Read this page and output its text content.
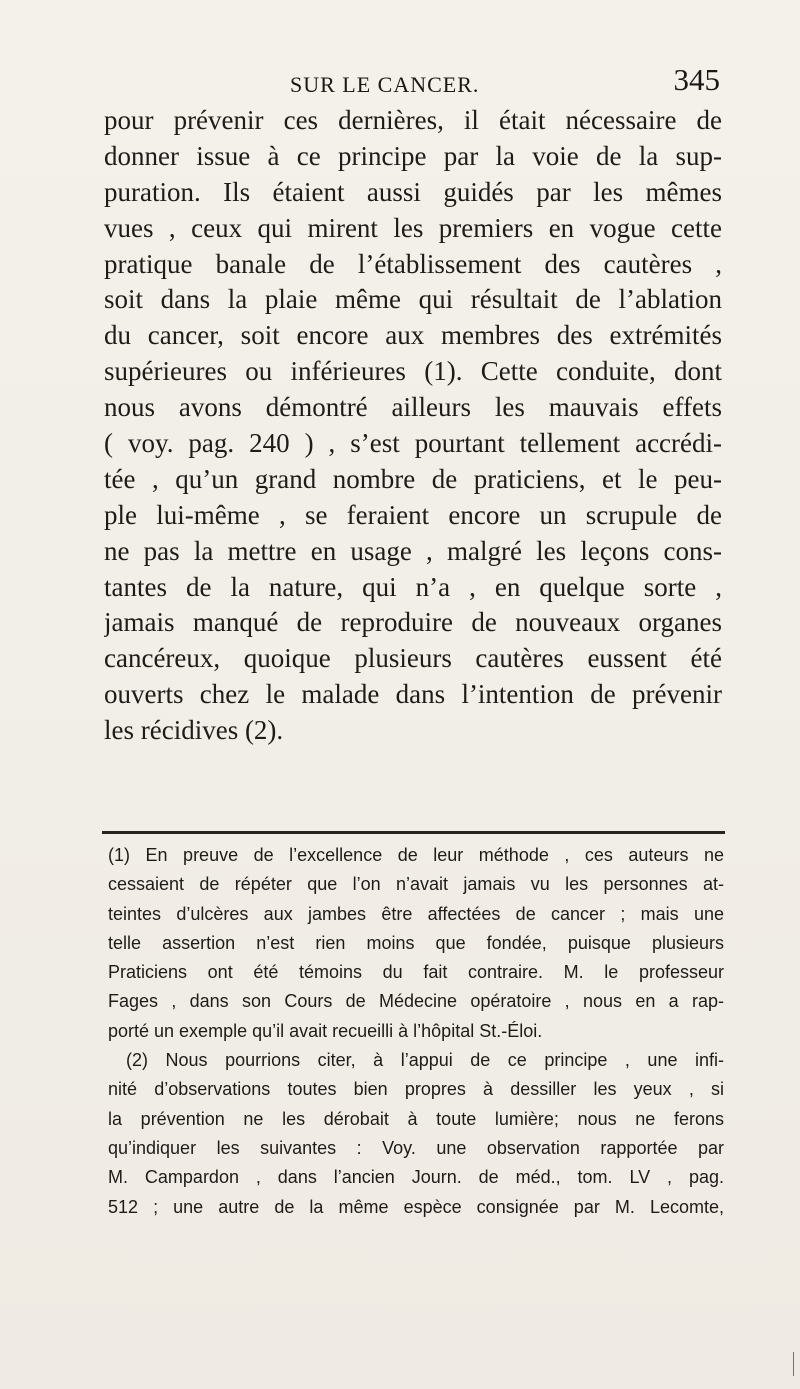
SUR LE CANCER.	345
pour prévenir ces dernières, il était nécessaire de
donner issue à ce principe par la voie de la sup-
puration. Ils étaient aussi guidés par les mêmes
vues , ceux qui mirent les premiers en vogue cette
pratique banale de l’établissement des cautères ,
soit dans la plaie même qui résultait de l’ablation
du cancer, soit encore aux membres des extrémités
supérieures ou inférieures (1). Cette conduite, dont
nous avons démontré ailleurs les mauvais effets
( voy. pag. 240 ) , s’est pourtant tellement accrédi-
tée , qu’un grand nombre de praticiens, et le peu-
ple lui-même , se feraient encore un scrupule de
ne pas la mettre en usage , malgré les leçons cons-
tantes de la nature, qui n’a , en quelque sorte ,
jamais manqué de reproduire de nouveaux organes
cancéreux, quoique plusieurs cautères eussent été
ouverts chez le malade dans l’intention de prévenir
les récidives (2).
(1) En preuve de l’excellence de leur méthode , ces auteurs ne
cessaient de répéter que l’on n’avait jamais vu les personnes at-
teintes d’ulcères aux jambes être affectées de cancer ; mais une
telle assertion n’est rien moins que fondée, puisque plusieurs
Praticiens ont été témoins du fait contraire. M. le professeur
Fages , dans son Cours de Médecine opératoire , nous en a rap-
porté un exemple qu’il avait recueilli à l’hôpital St.-Éloi.
(2) Nous pourrions citer, à l’appui de ce principe , une infi-
nité d’observations toutes bien propres à dessiller les yeux , si
la prévention ne les dérobait à toute lumière; nous ne ferons
qu’indiquer les suivantes : Voy. une observation rapportée par
M. Campardon , dans l’ancien Journ. de méd., tom. LV , pag.
512 ; une autre de la même espèce consignée par M. Lecomte,
